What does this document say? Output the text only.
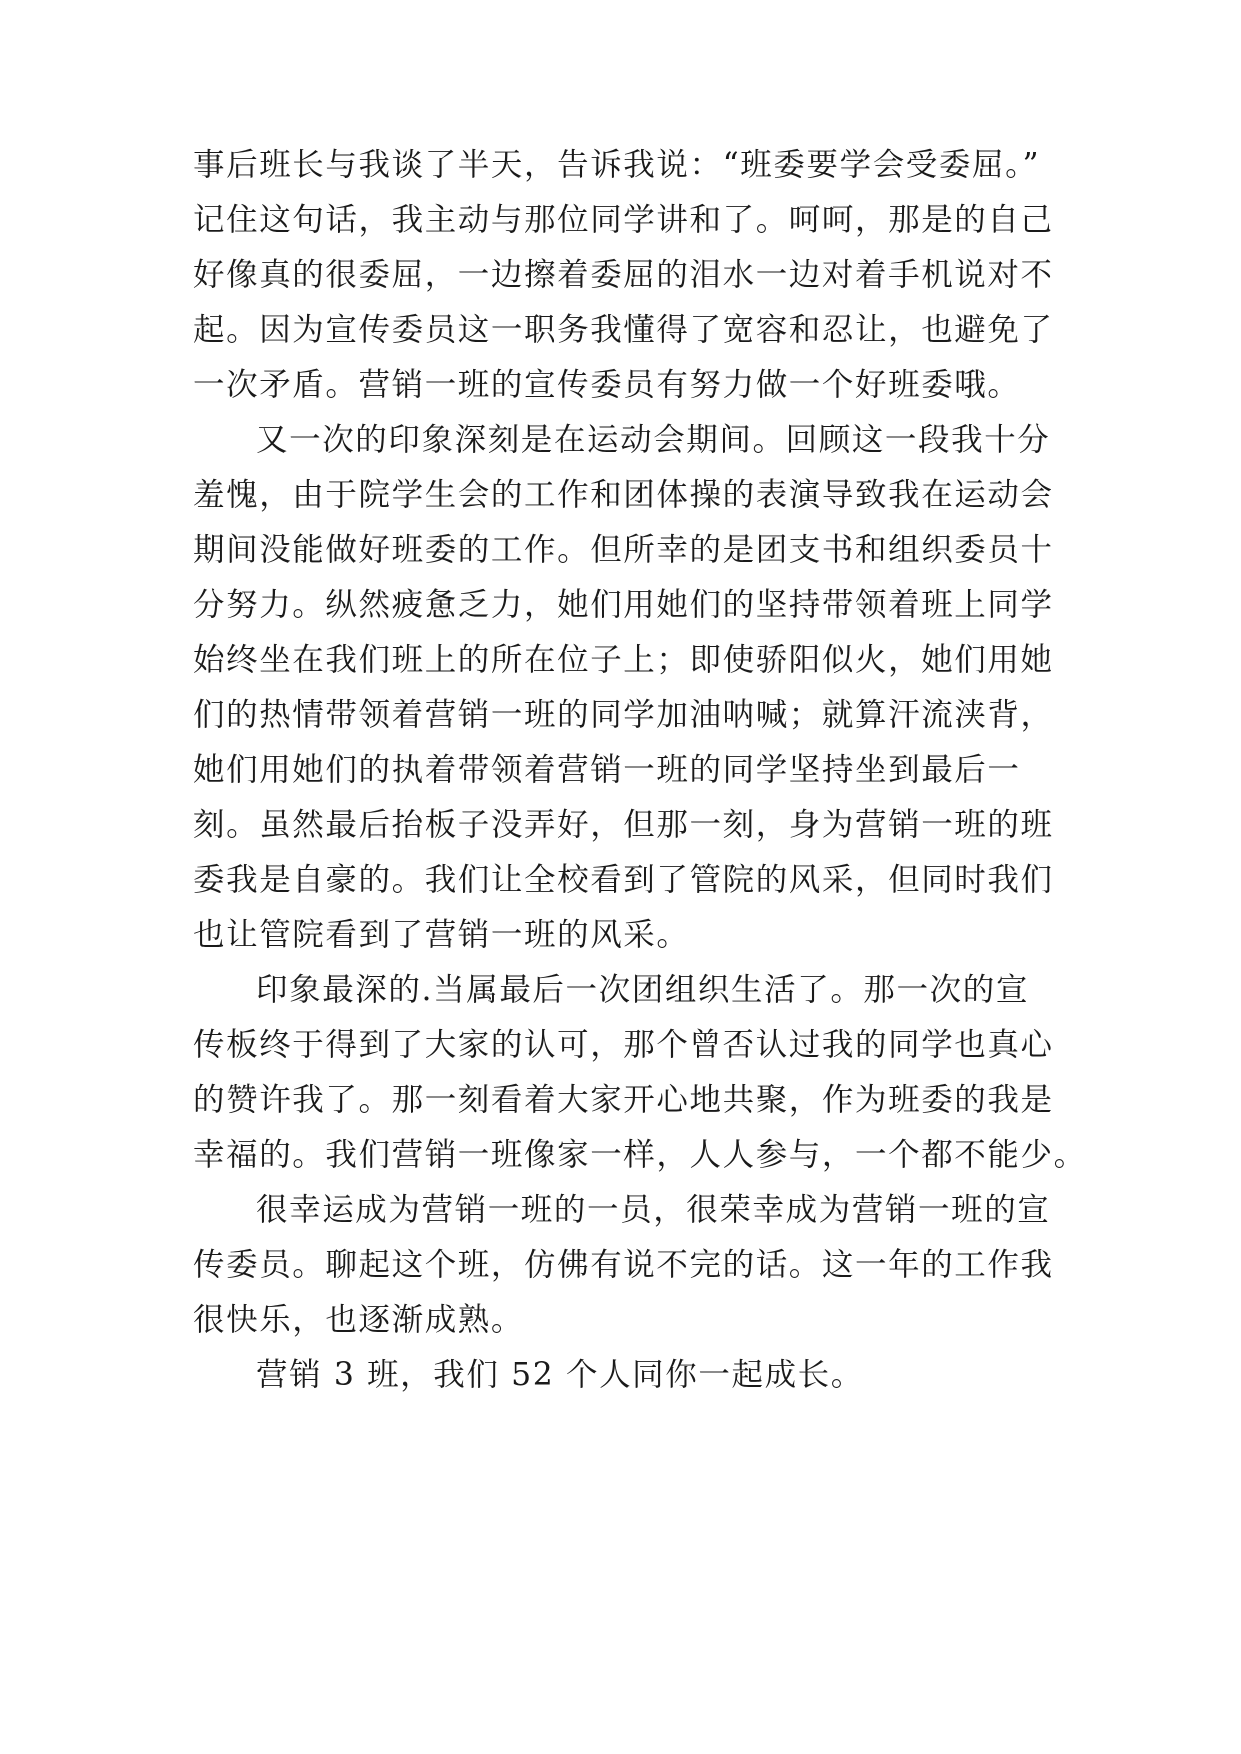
事后班长与我谈了半天，告诉我说：“班委要学会受委屈。”

记住这句话，我主动与那位同学讲和了。呵呵，那是的自己

好像真的很委屈，一边擦着委屈的泪水一边对着手机说对不

起。因为宣传委员这一职务我懂得了宽容和忍让，也避免了

一次矛盾。营销一班的宣传委员有努力做一个好班委哦。

又一次的印象深刻是在运动会期间。回顾这一段我十分

羞愧，由于院学生会的工作和团体操的表演导致我在运动会

期间没能做好班委的工作。但所幸的是团支书和组织委员十

分努力。纵然疲惫乏力，她们用她们的坚持带领着班上同学

始终坐在我们班上的所在位子上；即使骄阳似火，她们用她

们的热情带领着营销一班的同学加油呐喊；就算汗流浃背，

她们用她们的执着带领着营销一班的同学坚持坐到最后一

刻。虽然最后抬板子没弄好，但那一刻，身为营销一班的班

委我是自豪的。我们让全校看到了管院的风采，但同时我们

也让管院看到了营销一班的风采。

印象最深的.当属最后一次团组织生活了。那一次的宣

传板终于得到了大家的认可，那个曾否认过我的同学也真心

的赞许我了。那一刻看着大家开心地共聚，作为班委的我是

幸福的。我们营销一班像家一样，人人参与，一个都不能少。

很幸运成为营销一班的一员，很荣幸成为营销一班的宣

传委员。聊起这个班，仿佛有说不完的话。这一年的工作我

很快乐，也逐渐成熟。

营销 3 班，我们 52 个人同你一起成长。
